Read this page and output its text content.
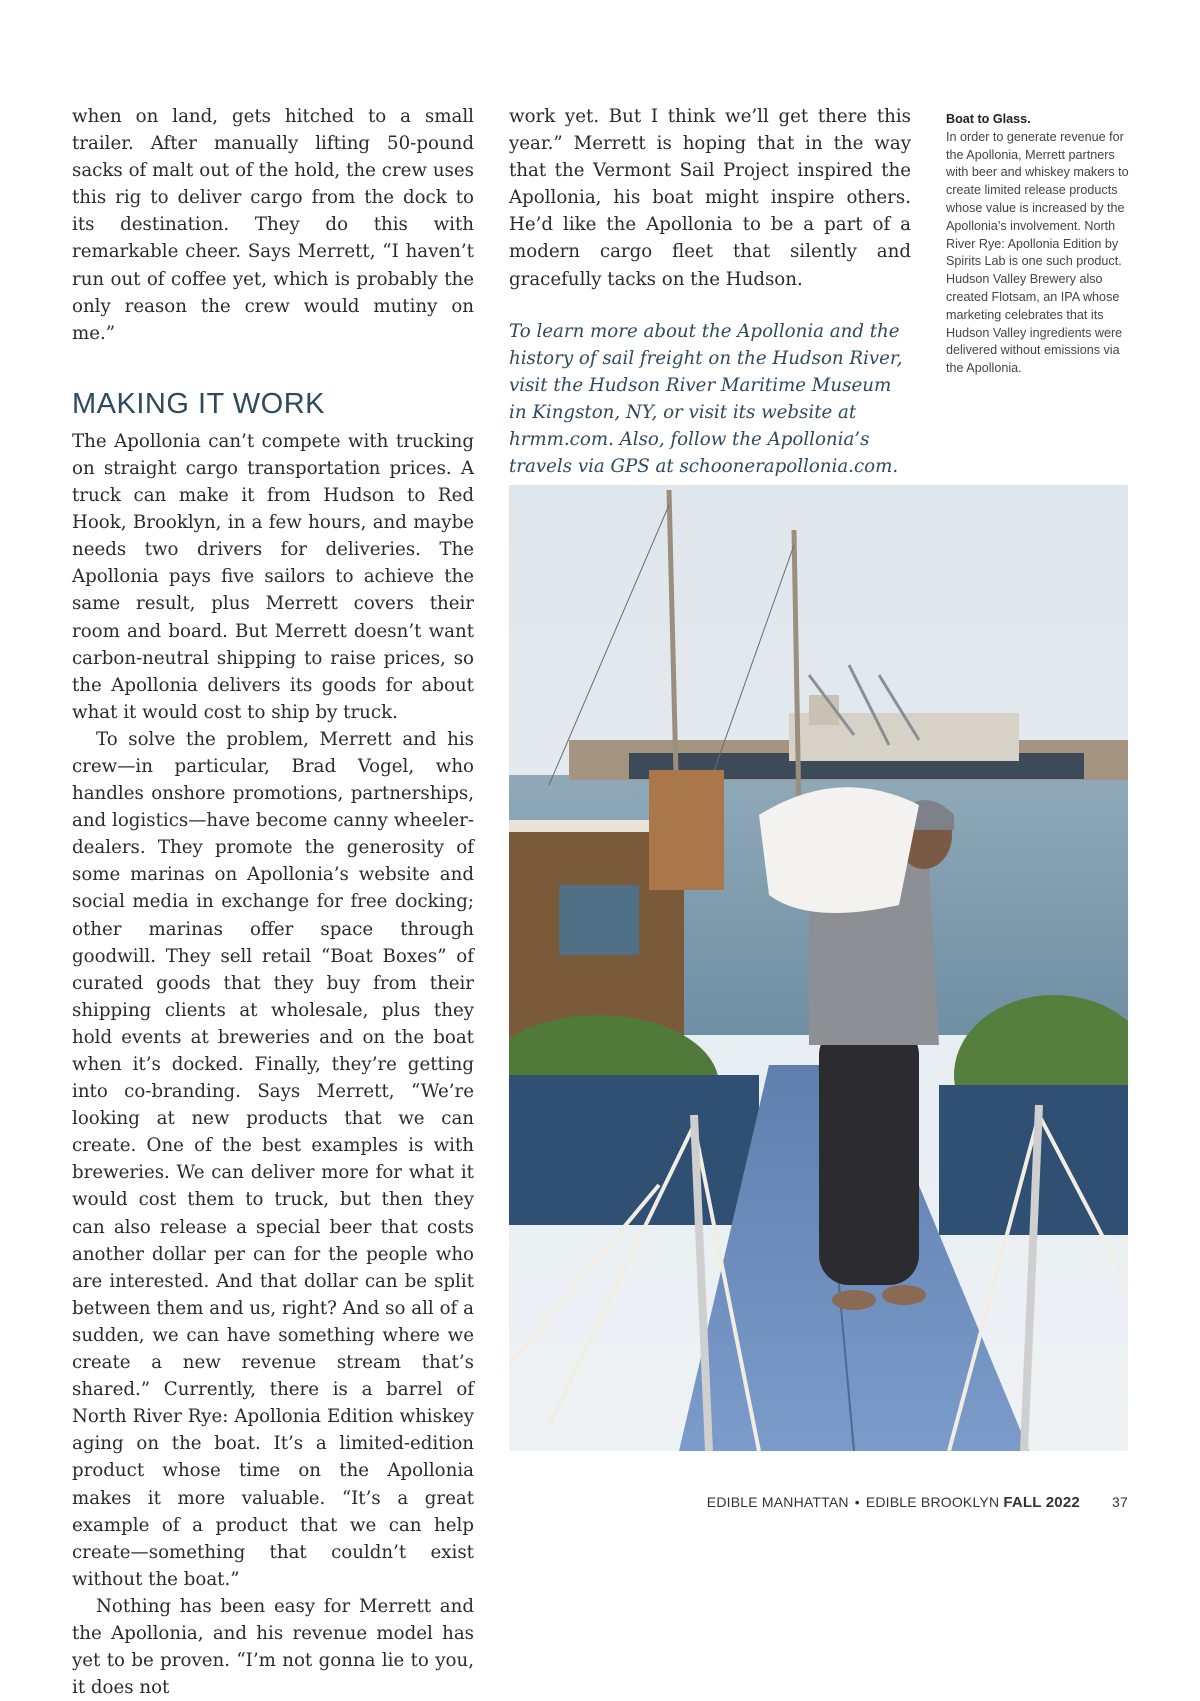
when on land, gets hitched to a small trailer. After manually lifting 50-pound sacks of malt out of the hold, the crew uses this rig to deliver cargo from the dock to its destination. They do this with remarkable cheer. Says Merrett, “I haven’t run out of coffee yet, which is probably the only reason the crew would mutiny on me.”

MAKING IT WORK

The Apollonia can’t compete with trucking on straight cargo transportation prices. A truck can make it from Hudson to Red Hook, Brooklyn, in a few hours, and maybe needs two drivers for deliveries. The Apollonia pays five sailors to achieve the same result, plus Merrett covers their room and board. But Merrett doesn’t want carbon-neutral shipping to raise prices, so the Apollonia delivers its goods for about what it would cost to ship by truck.

To solve the problem, Merrett and his crew—in particular, Brad Vogel, who handles onshore promotions, partnerships, and logistics—have become canny wheeler-dealers. They promote the generosity of some marinas on Apollonia’s website and social media in exchange for free docking; other marinas offer space through goodwill. They sell retail “Boat Boxes” of curated goods that they buy from their shipping clients at wholesale, plus they hold events at breweries and on the boat when it’s docked. Finally, they’re getting into co-branding. Says Merrett, “We’re looking at new products that we can create. One of the best examples is with breweries. We can deliver more for what it would cost them to truck, but then they can also release a special beer that costs another dollar per can for the people who are interested. And that dollar can be split between them and us, right? And so all of a sudden, we can have something where we create a new revenue stream that’s shared.” Currently, there is a barrel of North River Rye: Apollonia Edition whiskey aging on the boat. It’s a limited-edition product whose time on the Apollonia makes it more valuable. “It’s a great example of a product that we can help create—something that couldn’t exist without the boat.”

Nothing has been easy for Merrett and the Apollonia, and his revenue model has yet to be proven. “I’m not gonna lie to you, it does not

work yet. But I think we’ll get there this year.” Merrett is hoping that in the way that the Vermont Sail Project inspired the Apollonia, his boat might inspire others. He’d like the Apollonia to be a part of a modern cargo fleet that silently and gracefully tacks on the Hudson.

To learn more about the Apollonia and the history of sail freight on the Hudson River, visit the Hudson River Maritime Museum in Kingston, NY, or visit its website at hrmm.com. Also, follow the Apollonia’s travels via GPS at schoonerapollonia.com.

Boat to Glass.
In order to generate revenue for the Apollonia, Merrett partners with beer and whiskey makers to create limited release products whose value is increased by the Apollonia’s involvement. North River Rye: Apollonia Edition by Spirits Lab is one such product. Hudson Valley Brewery also created Flotsam, an IPA whose marketing celebrates that its Hudson Valley ingredients were delivered without emissions via the Apollonia.
EDIBLE MANHATTAN • EDIBLE BROOKLYN FALL 2022 37
